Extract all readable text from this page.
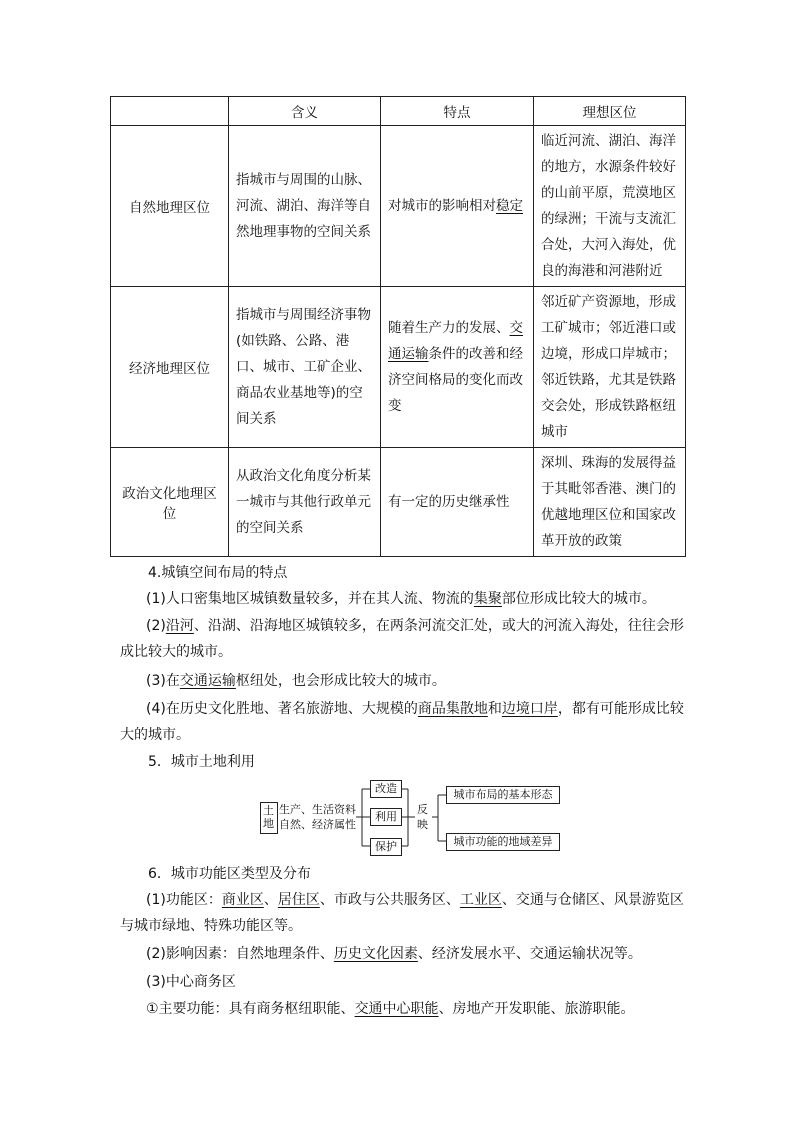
	含义	特点	理想区位
自然地理区位	指城市与周围的山脉、河流、湖泊、海洋等自然地理事物的空间关系	对城市的影响相对稳定	临近河流、湖泊、海洋的地方，水源条件较好的山前平原，荒漠地区的绿洲；干流与支流汇合处，大河入海处，优良的海港和河港附近
经济地理区位	指城市与周围经济事物(如铁路、公路、港口、城市、工矿企业、商品农业基地等)的空间关系	随着生产力的发展、交通运输条件的改善和经济空间格局的变化而改变	邻近矿产资源地，形成工矿城市；邻近港口或边境，形成口岸城市；邻近铁路，尤其是铁路交会处，形成铁路枢纽城市
政治文化地理区位	从政治文化角度分析某一城市与其他行政单元的空间关系	有一定的历史继承性	深圳、珠海的发展得益于其毗邻香港、澳门的优越地理区位和国家改革开放的政策
4.城镇空间布局的特点
(1)人口密集地区城镇数量较多，并在其人流、物流的集聚部位形成比较大的城市。
(2)沿河、沿湖、沿海地区城镇较多，在两条河流交汇处，或大的河流入海处，往往会形成比较大的城市。
(3)在交通运输枢纽处，也会形成比较大的城市。
(4)在历史文化胜地、著名旅游地、大规模的商品集散地和边境口岸，都有可能形成比较大的城市。
5．城市土地利用
土地
生产、生活资料
自然、经济属性
改造
利用
保护
反映
城市布局的基本形态
城市功能的地域差异
6．城市功能区类型及分布
(1)功能区：商业区、居住区、市政与公共服务区、工业区、交通与仓储区、风景游览区与城市绿地、特殊功能区等。
(2)影响因素：自然地理条件、历史文化因素、经济发展水平、交通运输状况等。
(3)中心商务区
①主要功能：具有商务枢纽职能、交通中心职能、房地产开发职能、旅游职能。
